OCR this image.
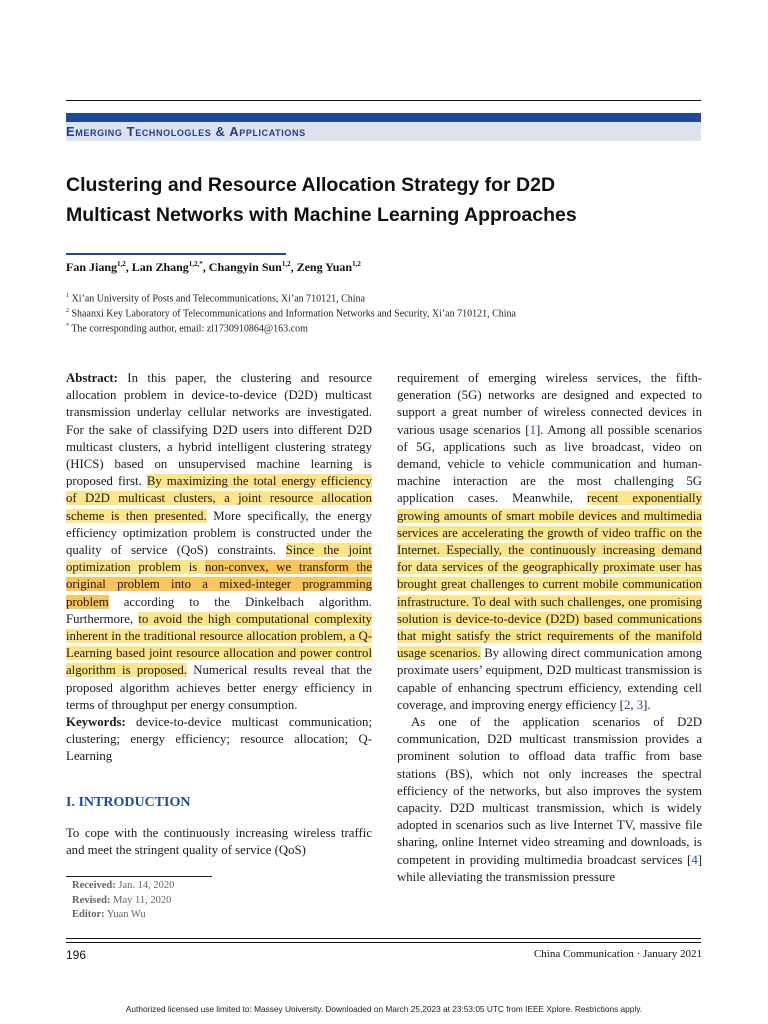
Emerging Technologles & Applications
Clustering and Resource Allocation Strategy for D2D
Multicast Networks with Machine Learning Approaches
Fan Jiang$^{1,2}$, Lan Zhang$^{1,2,*}$, Changyin Sun$^{1,2}$, Zeng Yuan$^{1,2}$
$^1$ Xi’an University of Posts and Telecommunications, Xi’an 710121, China
$^2$ Shaanxi Key Laboratory of Telecommunications and Information Networks and Security, Xi’an 710121, China
* The corresponding author, email: zl1730910864@163.com

Abstract: In this paper, the clustering and resource allocation problem in device-to-device (D2D) multicast transmission underlay cellular networks are investigated. For the sake of classifying D2D users into different D2D multicast clusters, a hybrid intelligent clustering strategy (HICS) based on unsupervised machine learning is proposed first. By maximizing the total energy efficiency of D2D multicast clusters, a joint resource allocation scheme is then presented. More specifically, the energy efficiency optimization problem is constructed under the quality of service (QoS) constraints. Since the joint optimization problem is non-convex, we transform the original problem into a mixed-integer programming problem according to the Dinkelbach algorithm. Furthermore, to avoid the high computational complexity inherent in the traditional resource allocation problem, a Q-Learning based joint resource allocation and power control algorithm is proposed. Numerical results reveal that the proposed algorithm achieves better energy efficiency in terms of throughput per energy consumption.

Keywords: device-to-device multicast communication; clustering; energy efficiency; resource allocation; Q-Learning

I. INTRODUCTION

To cope with the continuously increasing wireless traffic and meet the stringent quality of service (QoS)

Received: Jan. 14, 2020
Revised: May 11, 2020
Editor: Yuan Wu

requirement of emerging wireless services, the fifth-generation (5G) networks are designed and expected to support a great number of wireless connected devices in various usage scenarios [1]. Among all possible scenarios of 5G, applications such as live broadcast, video on demand, vehicle to vehicle communication and human-machine interaction are the most challenging 5G application cases. Meanwhile, recent exponentially growing amounts of smart mobile devices and multimedia services are accelerating the growth of video traffic on the Internet. Especially, the continuously increasing demand for data services of the geographically proximate user has brought great challenges to current mobile communication infrastructure. To deal with such challenges, one promising solution is device-to-device (D2D) based communications that might satisfy the strict requirements of the manifold usage scenarios. By allowing direct communication among proximate users’ equipment, D2D multicast transmission is capable of enhancing spectrum efficiency, extending cell coverage, and improving energy efficiency [2, 3].

As one of the application scenarios of D2D communication, D2D multicast transmission provides a prominent solution to offload data traffic from base stations (BS), which not only increases the spectral efficiency of the networks, but also improves the system capacity. D2D multicast transmission, which is widely adopted in scenarios such as live Internet TV, massive file sharing, online Internet video streaming and downloads, is competent in providing multimedia broadcast services [4] while alleviating the transmission pressure

196	China Communication · January 2021
Authorized licensed use limited to: Massey University. Downloaded on March 25,2023 at 23:53:05 UTC from IEEE Xplore. Restrictions apply.
